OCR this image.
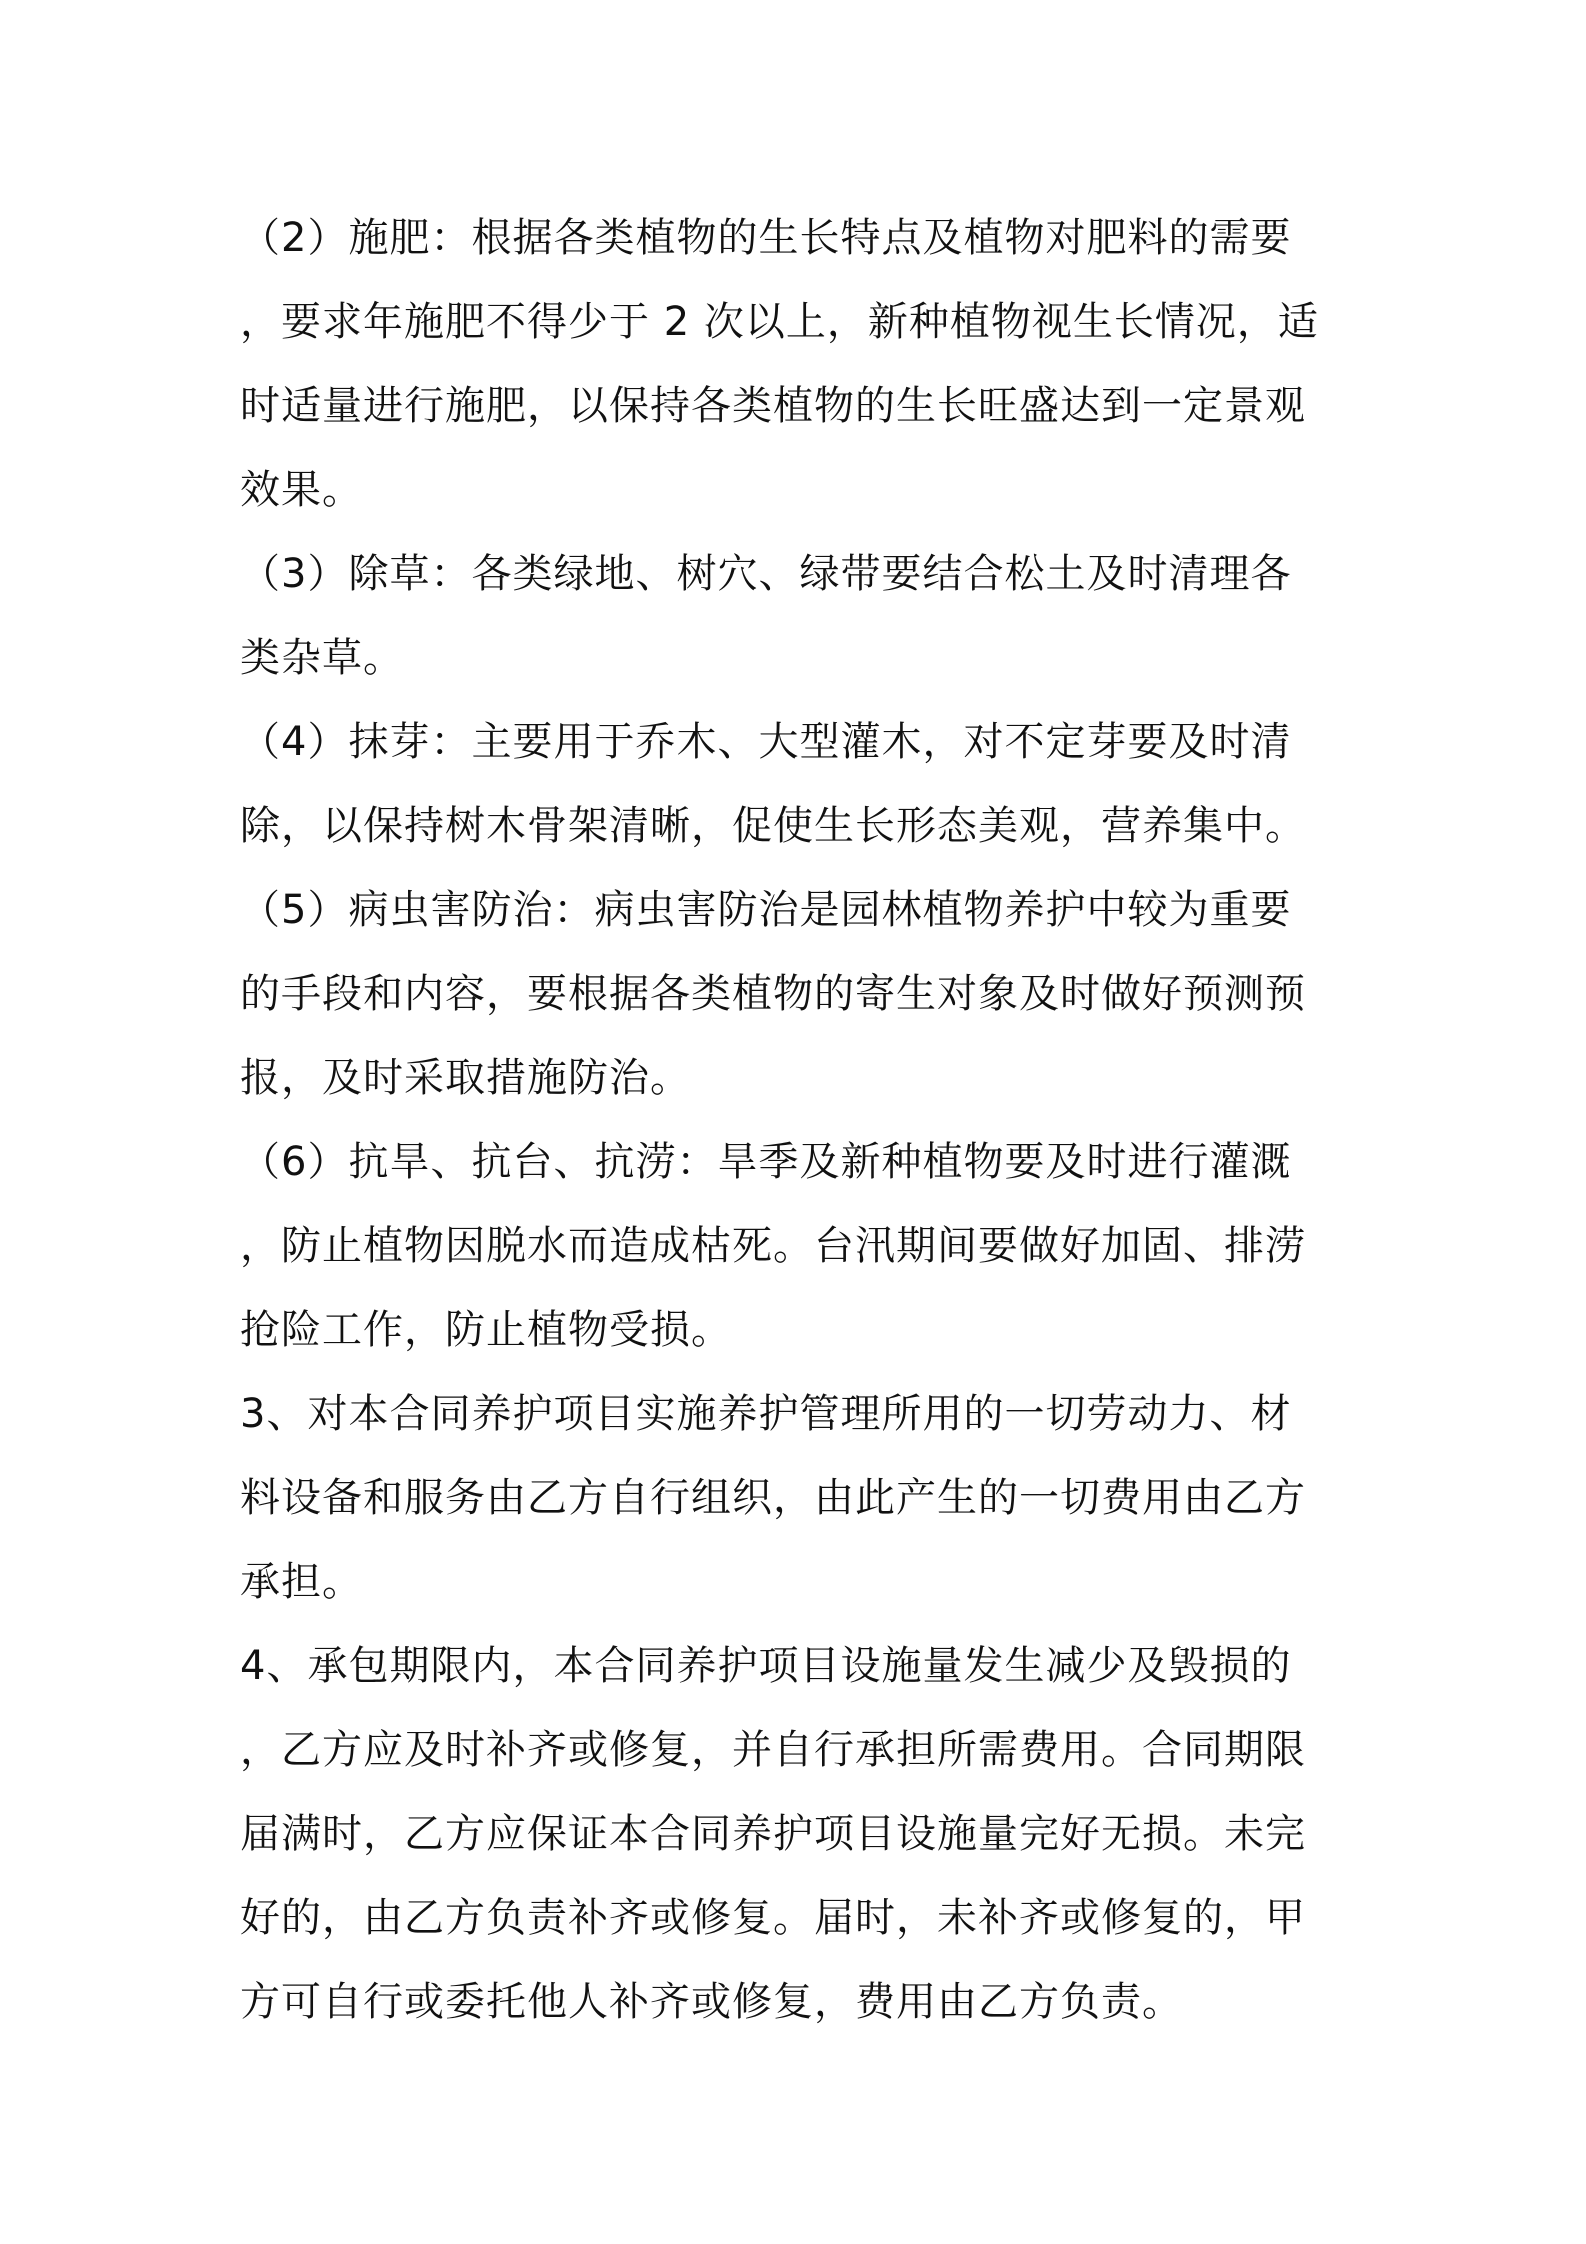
（2）施肥：根据各类植物的生长特点及植物对肥料的需要
，要求年施肥不得少于 2 次以上，新种植物视生长情况，适
时适量进行施肥，以保持各类植物的生长旺盛达到一定景观
效果。
（3）除草：各类绿地、树穴、绿带要结合松土及时清理各
类杂草。
（4）抹芽：主要用于乔木、大型灌木，对不定芽要及时清
除，以保持树木骨架清晰，促使生长形态美观，营养集中。
（5）病虫害防治：病虫害防治是园林植物养护中较为重要
的手段和内容，要根据各类植物的寄生对象及时做好预测预
报，及时采取措施防治。
（6）抗旱、抗台、抗涝：旱季及新种植物要及时进行灌溉
，防止植物因脱水而造成枯死。台汛期间要做好加固、排涝
抢险工作，防止植物受损。
3、对本合同养护项目实施养护管理所用的一切劳动力、材
料设备和服务由乙方自行组织，由此产生的一切费用由乙方
承担。
4、承包期限内，本合同养护项目设施量发生减少及毁损的
，乙方应及时补齐或修复，并自行承担所需费用。合同期限
届满时，乙方应保证本合同养护项目设施量完好无损。未完
好的，由乙方负责补齐或修复。届时，未补齐或修复的，甲
方可自行或委托他人补齐或修复，费用由乙方负责。
